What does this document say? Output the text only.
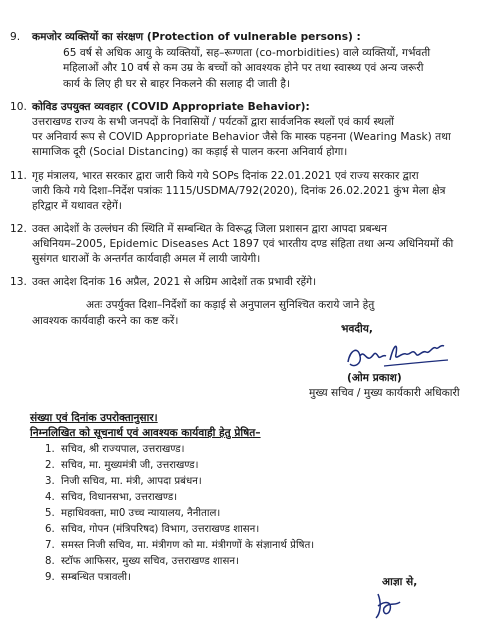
9. कमजोर व्यक्तियों का संरक्षण (Protection of vulnerable persons) :
65 वर्ष से अधिक आयु के व्यक्तियों, सह–रूग्णता (co-morbidities) वाले व्यक्तियों, गर्भवती
महिलाओं और 10 वर्ष से कम उम्र के बच्चों को आवश्यक होने पर तथा स्वास्थ्य एवं अन्य जरूरी
कार्य के लिए ही घर से बाहर निकलने की सलाह दी जाती है।
10. कोविड उपयुक्त व्यवहार (COVID Appropriate Behavior):
उत्तराखण्ड राज्य के सभी जनपदों के निवासियों / पर्यटकों द्वारा सार्वजनिक स्थलों एवं कार्य स्थलों
पर अनिवार्य रूप से COVID Appropriate Behavior जैसे कि मास्क पहनना (Wearing Mask) तथा
सामाजिक दूरी (Social Distancing) का कड़ाई से पालन करना अनिवार्य होगा।
11. गृह मंत्रालय, भारत सरकार द्वारा जारी किये गये SOPs दिनांक 22.01.2021 एवं राज्य सरकार द्वारा
जारी किये गये दिशा–निर्देश पत्रांकः 1115/USDMA/792(2020), दिनांक 26.02.2021 कुंभ मेला क्षेत्र
हरिद्वार में यथावत रहेगें।
12. उक्त आदेशों के उल्लंघन की स्थिति में सम्बन्धित के विरूद्ध जिला प्रशासन द्वारा आपदा प्रबन्धन
अधिनियम–2005, Epidemic Diseases Act 1897 एवं भारतीय दण्ड संहिता तथा अन्य अधिनियमों की
सुसंगत धाराओं के अन्तर्गत कार्यवाही अमल में लायी जायेगी।
13. उक्त आदेश दिनांक 16 अप्रैल, 2021 से अग्रिम आदेशों तक प्रभावी रहेंगे।
अतः उपर्युक्त दिशा–निर्देशों का कड़ाई से अनुपालन सुनिश्चित कराये जाने हेतु
आवश्यक कार्यवाही करने का कष्ट करें।
भवदीय,
(ओम प्रकाश)
मुख्य सचिव / मुख्य कार्यकारी अधिकारी
संख्या एवं दिनांक उपरोक्तानुसार।
निम्नलिखित को सूचनार्थ एवं आवश्यक कार्यवाही हेतु प्रेषित–
1. सचिव, श्री राज्यपाल, उत्तराखण्ड।
2. सचिव, मा. मुख्यमंत्री जी, उत्तराखण्ड।
3. निजी सचिव, मा. मंत्री, आपदा प्रबंधन।
4. सचिव, विधानसभा, उत्तराखण्ड।
5. महाधिवक्ता, मा0 उच्च न्यायालय, नैनीताल।
6. सचिव, गोपन (मंत्रिपरिषद) विभाग, उत्तराखण्ड शासन।
7. समस्त निजी सचिव, मा. मंत्रीगण को मा. मंत्रीगणों के संज्ञानार्थ प्रेषित।
8. स्टॉफ आफिसर, मुख्य सचिव, उत्तराखण्ड शासन।
9. सम्बन्धित पत्रावली।	आज्ञा से,
